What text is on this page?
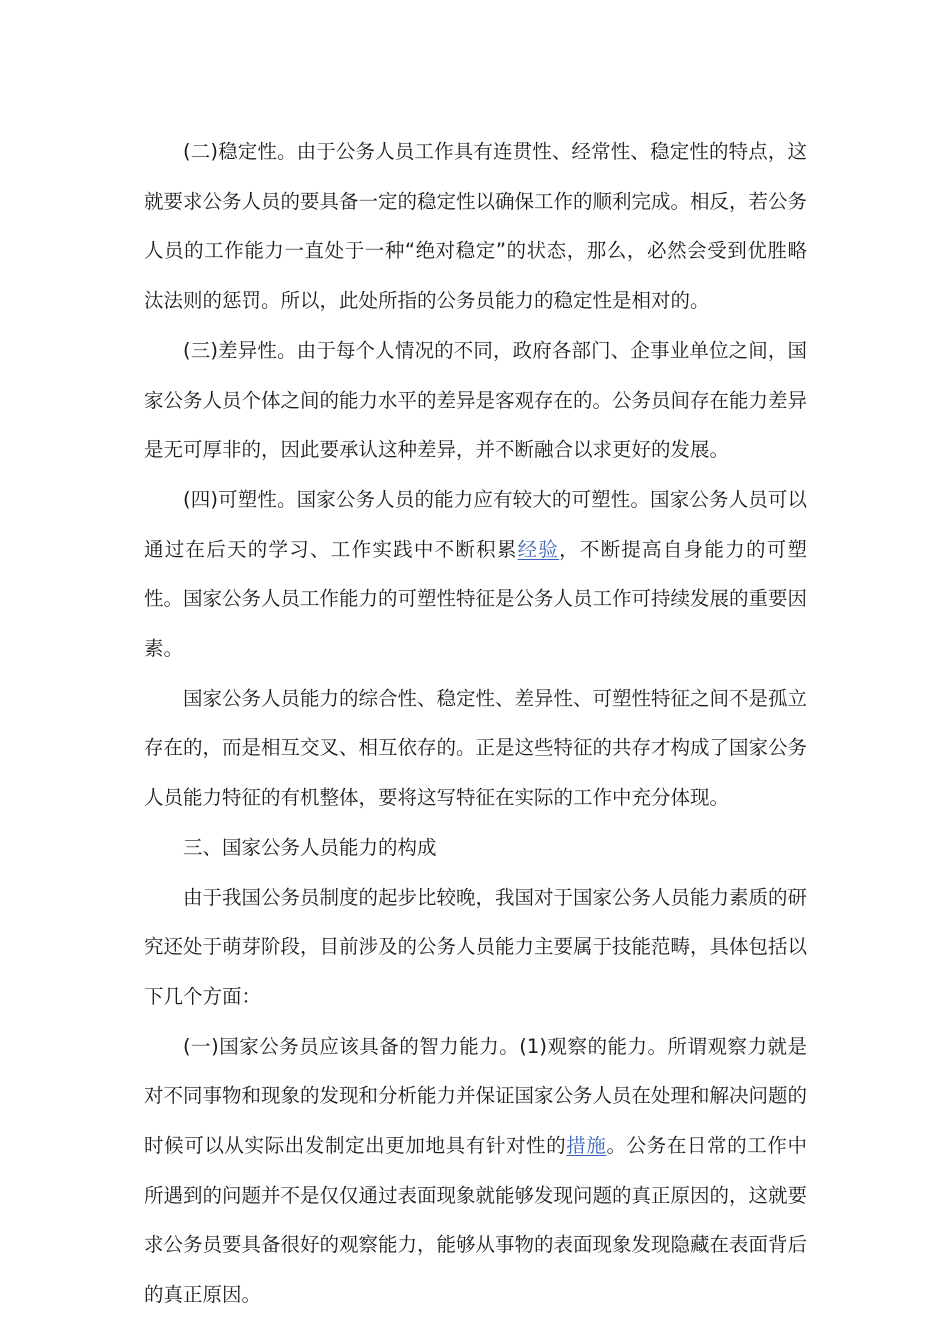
(二)稳定性。由于公务人员工作具有连贯性、经常性、稳定性的特点，这就要求公务人员的要具备一定的稳定性以确保工作的顺利完成。相反，若公务人员的工作能力一直处于一种“绝对稳定”的状态，那么，必然会受到优胜略汰法则的惩罚。所以，此处所指的公务员能力的稳定性是相对的。

(三)差异性。由于每个人情况的不同，政府各部门、企事业单位之间，国家公务人员个体之间的能力水平的差异是客观存在的。公务员间存在能力差异是无可厚非的，因此要承认这种差异，并不断融合以求更好的发展。

(四)可塑性。国家公务人员的能力应有较大的可塑性。国家公务人员可以通过在后天的学习、工作实践中不断积累经验，不断提高自身能力的可塑性。国家公务人员工作能力的可塑性特征是公务人员工作可持续发展的重要因素。

国家公务人员能力的综合性、稳定性、差异性、可塑性特征之间不是孤立存在的，而是相互交叉、相互依存的。正是这些特征的共存才构成了国家公务人员能力特征的有机整体，要将这写特征在实际的工作中充分体现。

三、国家公务人员能力的构成

由于我国公务员制度的起步比较晚，我国对于国家公务人员能力素质的研究还处于萌芽阶段，目前涉及的公务人员能力主要属于技能范畴，具体包括以下几个方面：

(一)国家公务员应该具备的智力能力。(1)观察的能力。所谓观察力就是对不同事物和现象的发现和分析能力并保证国家公务人员在处理和解决问题的时候可以从实际出发制定出更加地具有针对性的措施。公务在日常的工作中所遇到的问题并不是仅仅通过表面现象就能够发现问题的真正原因的，这就要求公务员要具备很好的观察能力，能够从事物的表面现象发现隐藏在表面背后的真正原因。
